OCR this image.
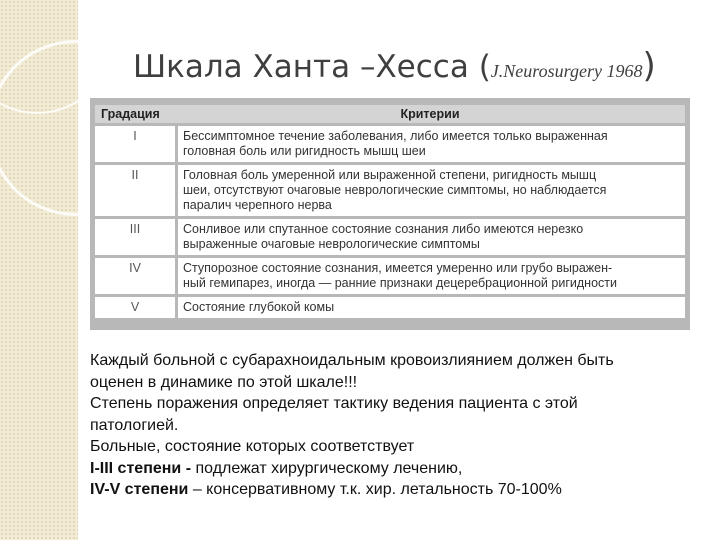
Шкала Ханта –Хесса (J.Neurosurgery 1968)
Градация	Критерии
I	Бессимптомное течение заболевания, либо имеется только выраженная
головная боль или ригидность мышц шеи

II	Головная боль умеренной или выраженной степени, ригидность мышц
шеи, отсутствуют очаговые неврологические симптомы, но наблюдается
паралич черепного нерва

III	Сонливое или спутанное состояние сознания либо имеются нерезко
выраженные очаговые неврологические симптомы

IV	Ступорозное состояние сознания, имеется умеренно или грубо выражен-
ный гемипарез, иногда — ранние признаки децеребрационной ригидности

V	Состояние глубокой комы
Каждый больной с субарахноидальным кровоизлиянием должен быть
оценен в динамике по этой шкале!!!
Степень поражения определяет тактику ведения пациента с этой
патологией.
Больные, состояние которых соответствует
I-III степени - подлежат хирургическому лечению,
IV-V степени – консервативному т.к. хир. летальность 70-100%
